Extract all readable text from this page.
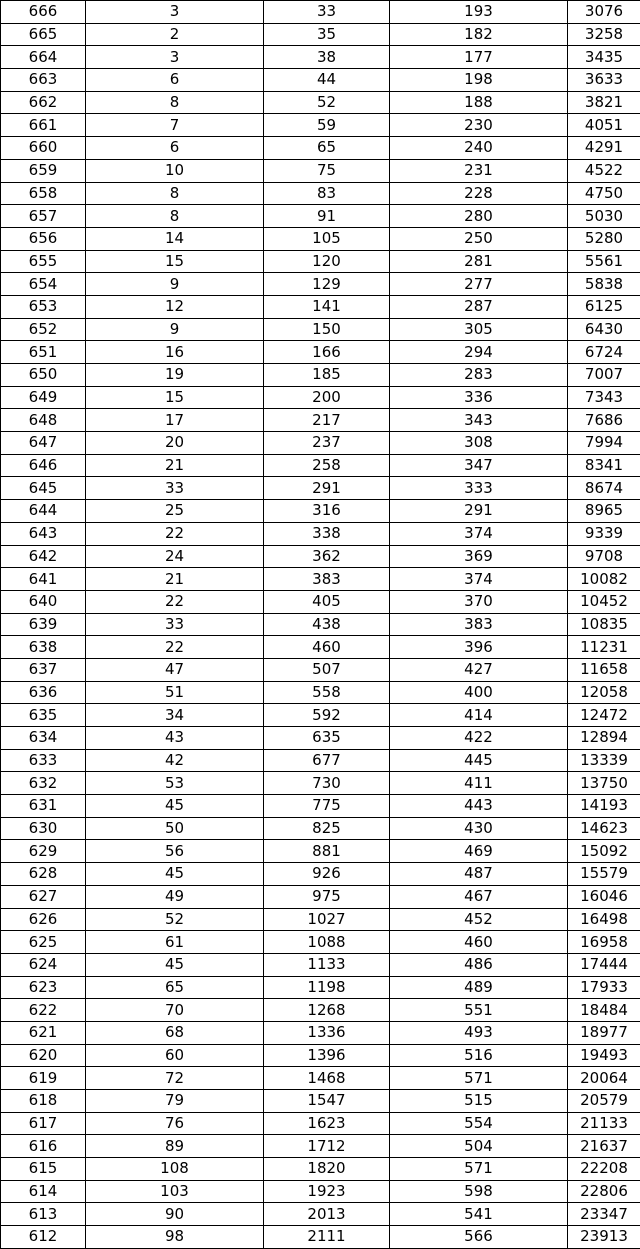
666	3	33	193	3076
665	2	35	182	3258
664	3	38	177	3435
663	6	44	198	3633
662	8	52	188	3821
661	7	59	230	4051
660	6	65	240	4291
659	10	75	231	4522
658	8	83	228	4750
657	8	91	280	5030
656	14	105	250	5280
655	15	120	281	5561
654	9	129	277	5838
653	12	141	287	6125
652	9	150	305	6430
651	16	166	294	6724
650	19	185	283	7007
649	15	200	336	7343
648	17	217	343	7686
647	20	237	308	7994
646	21	258	347	8341
645	33	291	333	8674
644	25	316	291	8965
643	22	338	374	9339
642	24	362	369	9708
641	21	383	374	10082
640	22	405	370	10452
639	33	438	383	10835
638	22	460	396	11231
637	47	507	427	11658
636	51	558	400	12058
635	34	592	414	12472
634	43	635	422	12894
633	42	677	445	13339
632	53	730	411	13750
631	45	775	443	14193
630	50	825	430	14623
629	56	881	469	15092
628	45	926	487	15579
627	49	975	467	16046
626	52	1027	452	16498
625	61	1088	460	16958
624	45	1133	486	17444
623	65	1198	489	17933
622	70	1268	551	18484
621	68	1336	493	18977
620	60	1396	516	19493
619	72	1468	571	20064
618	79	1547	515	20579
617	76	1623	554	21133
616	89	1712	504	21637
615	108	1820	571	22208
614	103	1923	598	22806
613	90	2013	541	23347
612	98	2111	566	23913
